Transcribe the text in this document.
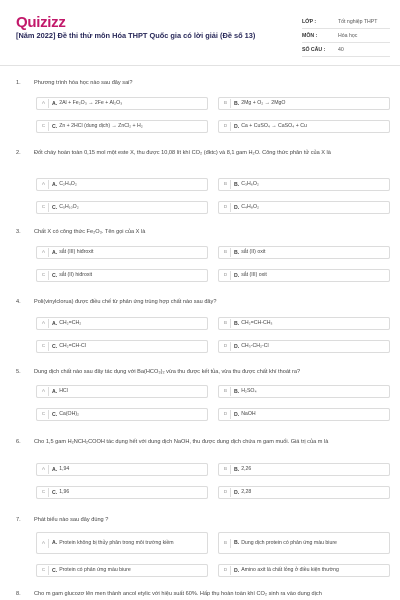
Quizizz
[Năm 2022] Đề thi thử môn Hóa THPT Quốc gia có lời giải (Đề số 13)
LỚP :	Tốt nghiệp THPT
MÔN :	Hóa học
SỐ CÂU :	40
1.	Phương trình hóa học nào sau đây sai?
A	A. 2Al + Fe₂O₃ → 2Fe + Al₂O₃	B	B. 2Mg + O₂ → 2MgO
C	C. Zn + 2HCl (dung dịch) → ZnCl₂ + H₂	D	D. Ca + CuSO₄ → CaSO₄ + Cu
2.	Đốt cháy hoàn toàn 0,15 mol một este X, thu được 10,08 lít khí CO₂ (đktc) và 8,1 gam H₂O. Công thức phân tử của X là
A	A. C₂H₄O₂	B	B. C₃H₆O₂
C	C. C₅H₁₀O₂	D	D. C₄H₈O₂
3.	Chất X có công thức Fe₂O₃. Tên gọi của X là
A	A. sắt (III) hiđroxit	B	B. sắt (II) oxit
C	C. sắt (II) hiđroxit	D	D. sắt (III) oxit
4.	Poli(vinylclorua) được điều chế từ phản ứng trùng hợp chất nào sau đây?
A	A. CH₂=CH₂	B	B. CH₂=CH-CH₃
C	C. CH₂=CH-Cl	D	D. CH₃-CH₂-Cl
5.	Dung dịch chất nào sau đây tác dụng với Ba(HCO₃)₂ vừa thu được kết tủa, vừa thu được chất khí thoát ra?
A	A. HCl	B	B. H₂SO₄
C	C. Ca(OH)₂	D	D. NaOH
6.	Cho 1,5 gam H₂NCH₂COOH tác dụng hết với dung dịch NaOH, thu được dung dịch chứa m gam muối. Giá trị của m là
A	A. 1,94	B	B. 2,26
C	C. 1,96	D	D. 2,28
7.	Phát biểu nào sau đây đúng ?
A	A. Protein không bị thủy phân trong môi trường kiềm	B	B. Dung dịch protein có phản ứng màu biure
C	C. Protein có phản ứng màu biure	D	D. Amino axit là chất lỏng ở điều kiện thường
8.	Cho m gam glucozơ lên men thành ancol etylic với hiệu suất 60%. Hấp thụ hoàn toàn khí CO₂ sinh ra vào dung dịch
